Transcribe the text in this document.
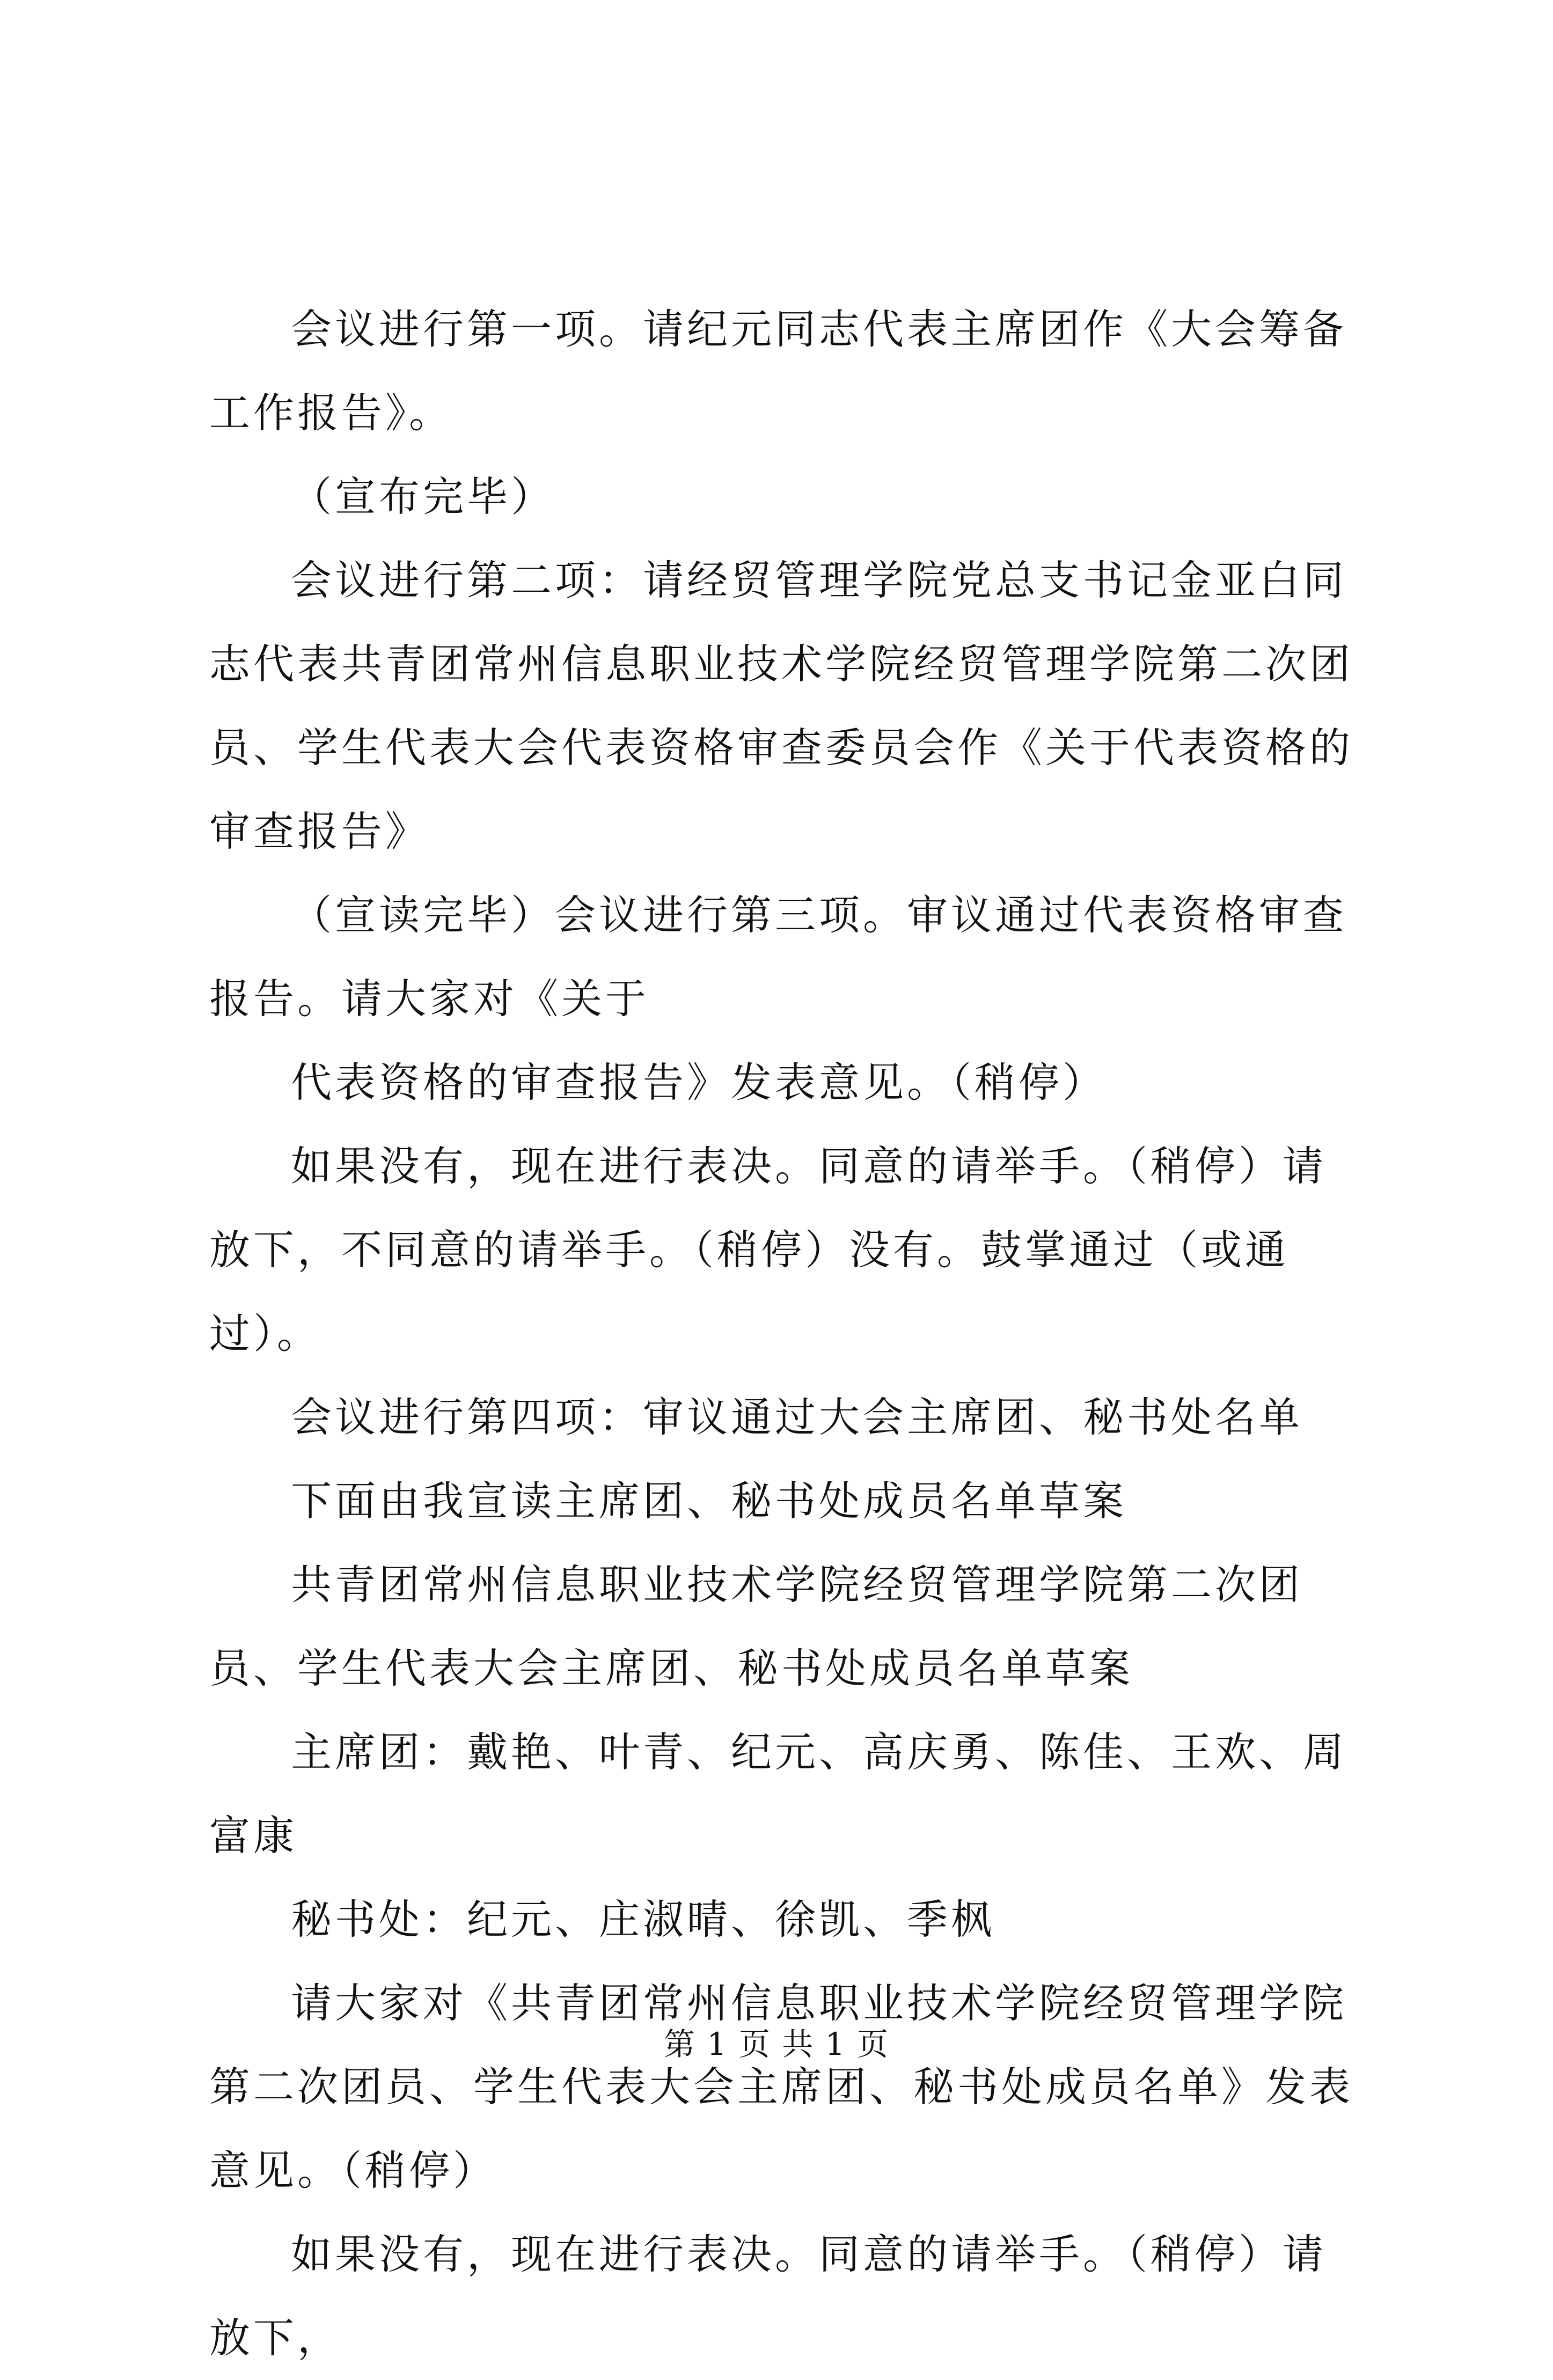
会议进行第一项。请纪元同志代表主席团作《大会筹备工作报告》。

（宣布完毕）

会议进行第二项：请经贸管理学院党总支书记金亚白同志代表共青团常州信息职业技术学院经贸管理学院第二次团员、学生代表大会代表资格审查委员会作《关于代表资格的审查报告》

（宣读完毕）会议进行第三项。审议通过代表资格审查报告。请大家对《关于

代表资格的审查报告》发表意见。（稍停）

如果没有，现在进行表决。同意的请举手。（稍停）请放下，不同意的请举手。（稍停）没有。鼓掌通过（或通过）。

会议进行第四项：审议通过大会主席团、秘书处名单

下面由我宣读主席团、秘书处成员名单草案

共青团常州信息职业技术学院经贸管理学院第二次团员、学生代表大会主席团、秘书处成员名单草案

主席团：戴艳、叶青、纪元、高庆勇、陈佳、王欢、周富康

秘书处：纪元、庄淑晴、徐凯、季枫

请大家对《共青团常州信息职业技术学院经贸管理学院第二次团员、学生代表大会主席团、秘书处成员名单》发表意见。（稍停）

如果没有，现在进行表决。同意的请举手。（稍停）请放下，

第 1 页 共 1 页
